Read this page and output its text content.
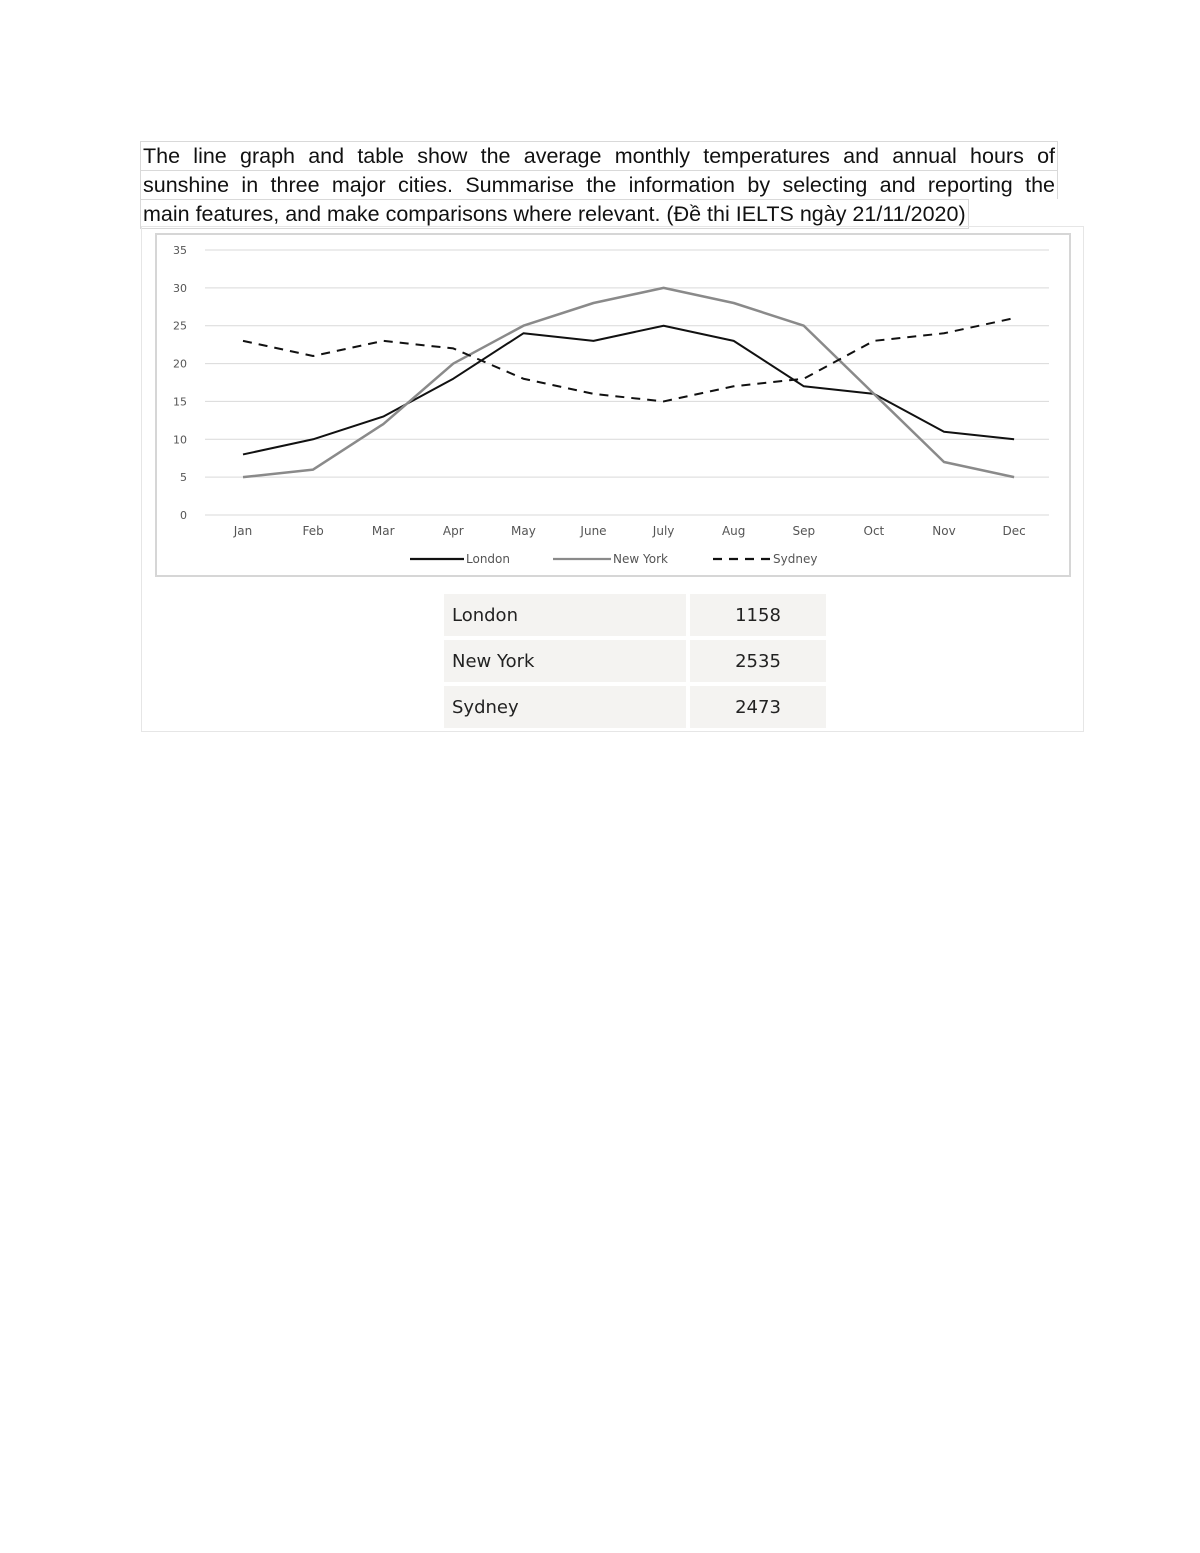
The line graph and table show the average monthly temperatures and annual hours of
sunshine in three major cities. Summarise the information by selecting and reporting the
main features, and make comparisons where relevant. (Đề thi IELTS ngày 21/11/2020)
0
5
10
15
20
25
30
35
Jan	Feb	Mar	Apr	May	June	July	Aug	Sep	Oct	Nov	Dec
London	New York	Sydney
London	1158
New York	2535
Sydney	2473
